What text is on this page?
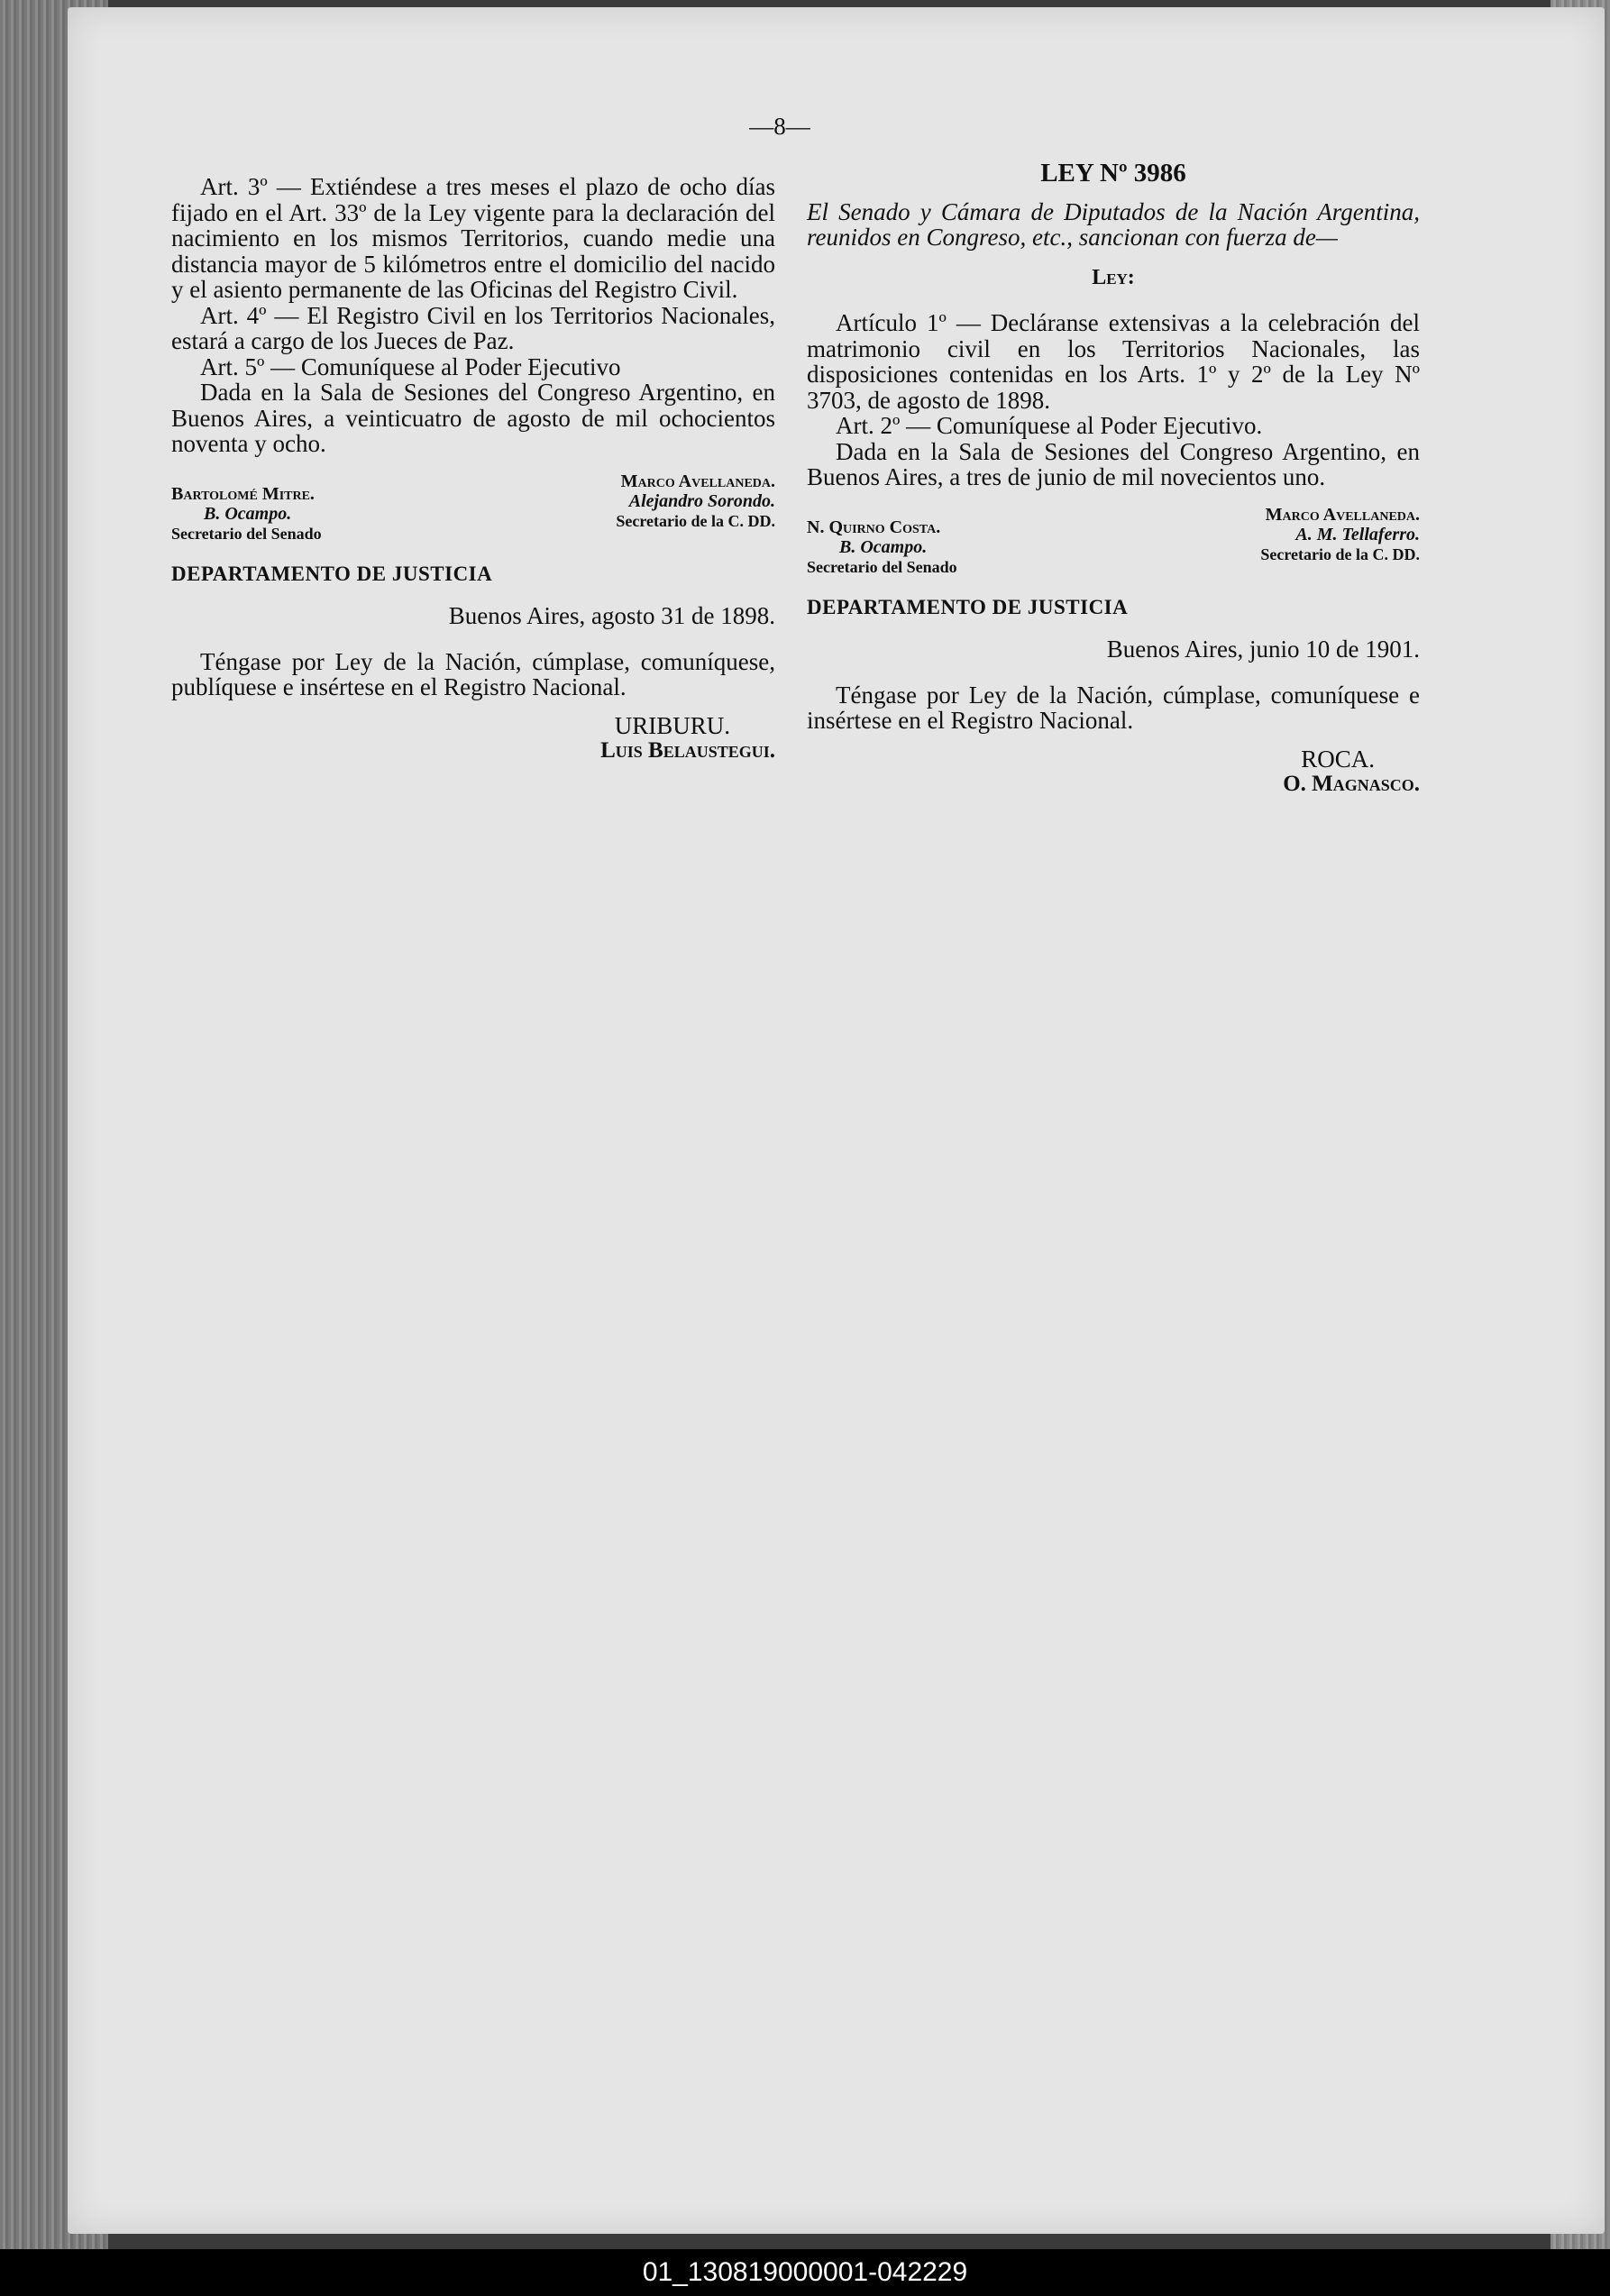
—8—

Art. 3º — Extiéndese a tres meses el plazo de ocho días fijado en el Art. 33º de la Ley vigente para la declaración del nacimiento en los mismos Territorios, cuando medie una distancia mayor de 5 kilómetros entre el domicilio del nacido y el asiento permanente de las Oficinas del Registro Civil.

Art. 4º — El Registro Civil en los Territorios Nacionales, estará a cargo de los Jueces de Paz.

Art. 5º — Comuníquese al Poder Ejecutivo

Dada en la Sala de Sesiones del Congreso Argentino, en Buenos Aires, a veinticuatro de agosto de mil ochocientos noventa y ocho.

Bartolomé Mitre.
B. Ocampo.
Secretario del Senado
Marco Avellaneda.

Alejandro Sorondo.
Secretario de la C. DD.

DEPARTAMENTO DE JUSTICIA

Buenos Aires, agosto 31 de 1898.

Téngase por Ley de la Nación, cúmplase, comuníquese, publíquese e insértese en el Registro Nacional.

URIBURU.
Luis Belaustegui.

LEY Nº 3986

El Senado y Cámara de Diputados de la Nación Argentina, reunidos en Congreso, etc., sancionan con fuerza de—

Ley:

Artículo 1º — Decláranse extensivas a la celebración del matrimonio civil en los Territorios Nacionales, las disposiciones contenidas en los Arts. 1º y 2º de la Ley Nº 3703, de agosto de 1898.

Art. 2º — Comuníquese al Poder Ejecutivo.

Dada en la Sala de Sesiones del Congreso Argentino, en Buenos Aires, a tres de junio de mil novecientos uno.

N. Quirno Costa.
B. Ocampo.
Secretario del Senado
Marco Avellaneda.

A. M. Tellaferro.
Secretario de la C. DD.

DEPARTAMENTO DE JUSTICIA

Buenos Aires, junio 10 de 1901.

Téngase por Ley de la Nación, cúmplase, comuníquese e insértese en el Registro Nacional.

ROCA.
O. Magnasco.
01_130819000001-042229
